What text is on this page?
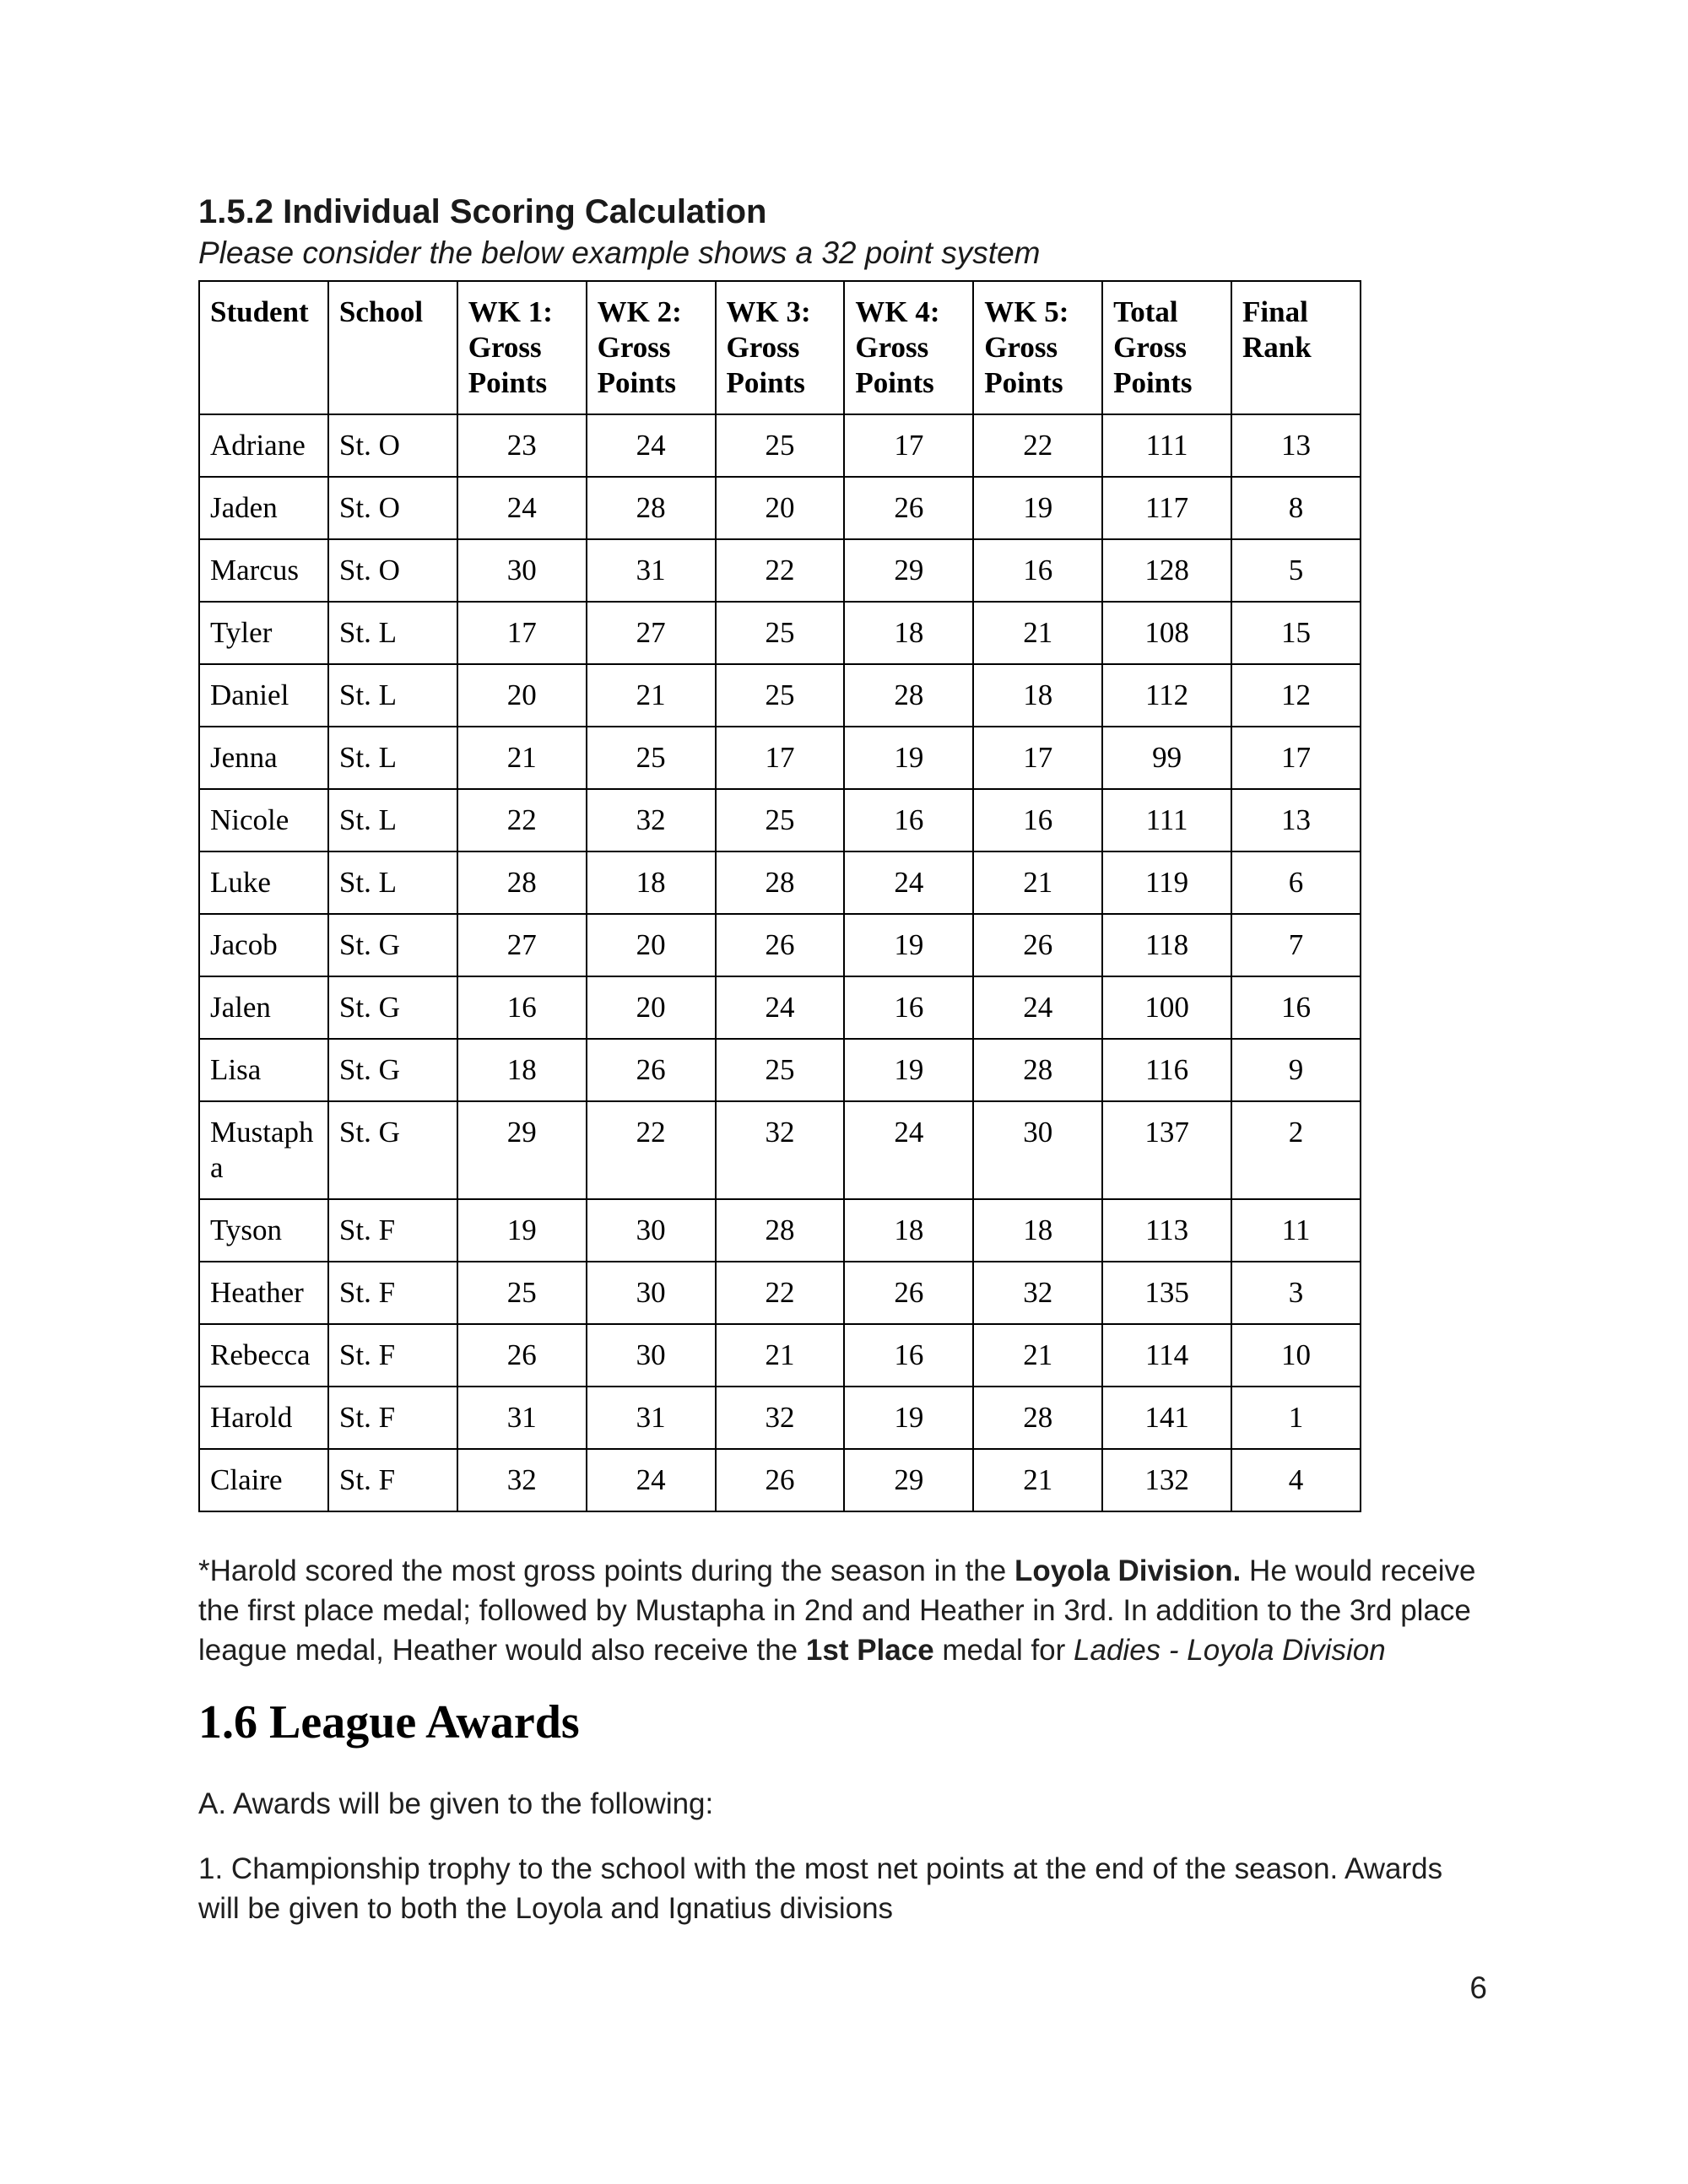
1.5.2 Individual Scoring Calculation
Please consider the below example shows a 32 point system
Student	School	WK 1: Gross Points	WK 2: Gross Points	WK 3: Gross Points	WK 4: Gross Points	WK 5: Gross Points	Total Gross Points	Final Rank
Adriane	St. O	23	24	25	17	22	111	13
Jaden	St. O	24	28	20	26	19	117	8
Marcus	St. O	30	31	22	29	16	128	5
Tyler	St. L	17	27	25	18	21	108	15
Daniel	St. L	20	21	25	28	18	112	12
Jenna	St. L	21	25	17	19	17	99	17
Nicole	St. L	22	32	25	16	16	111	13
Luke	St. L	28	18	28	24	21	119	6
Jacob	St. G	27	20	26	19	26	118	7
Jalen	St. G	16	20	24	16	24	100	16
Lisa	St. G	18	26	25	19	28	116	9
Mustapha	St. G	29	22	32	24	30	137	2
Tyson	St. F	19	30	28	18	18	113	11
Heather	St. F	25	30	22	26	32	135	3
Rebecca	St. F	26	30	21	16	21	114	10
Harold	St. F	31	31	32	19	28	141	1
Claire	St. F	32	24	26	29	21	132	4

*Harold scored the most gross points during the season in the Loyola Division. He would receive the first place medal; followed by Mustapha in 2nd and Heather in 3rd. In addition to the 3rd place league medal, Heather would also receive the 1st Place medal for Ladies - Loyola Division

1.6 League Awards

A. Awards will be given to the following:

1. Championship trophy to the school with the most net points at the end of the season. Awards will be given to both the Loyola and Ignatius divisions

6
